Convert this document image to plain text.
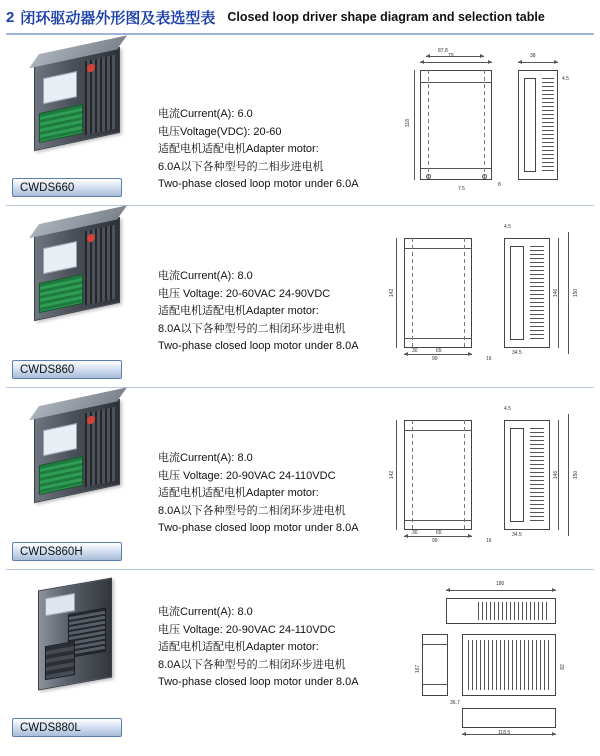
2 闭环驱动器外形图及表选型表 Closed loop driver shape diagram and selection table
CWDS660
电流Current(A): 6.0
电压Voltage(VDC): 20-60
适配电机适配电机Adapter motor:
6.0A以下各种型号的二相步进电机
Two-phase closed loop motor under 6.0A
87.8
118
38
4.5
8
7.5
CWDS860
电流Current(A): 8.0
电压 Voltage: 20-60VAC 24-90VDC
适配电机适配电机Adapter motor:
8.0A以下各种型号的二相闭环步进电机
Two-phase closed loop motor under 8.0A
142
99
30	65
146	150
4.5
34.5
16
CWDS860H
电流Current(A): 8.0
电压 Voltage: 20-90VAC 24-110VDC
适配电机适配电机Adapter motor:
8.0A以下各种型号的二相闭环步进电机
Two-phase closed loop motor under 8.0A
142
99
30	65
146	150
4.5
34.5
16
CWDS880L
电流Current(A): 8.0
电压 Voltage: 20-90VAC 24-110VDC
适配电机适配电机Adapter motor:
8.0A以下各种型号的二相闭环步进电机
Two-phase closed loop motor under 8.0A
180
167	82
118.5
36.7
